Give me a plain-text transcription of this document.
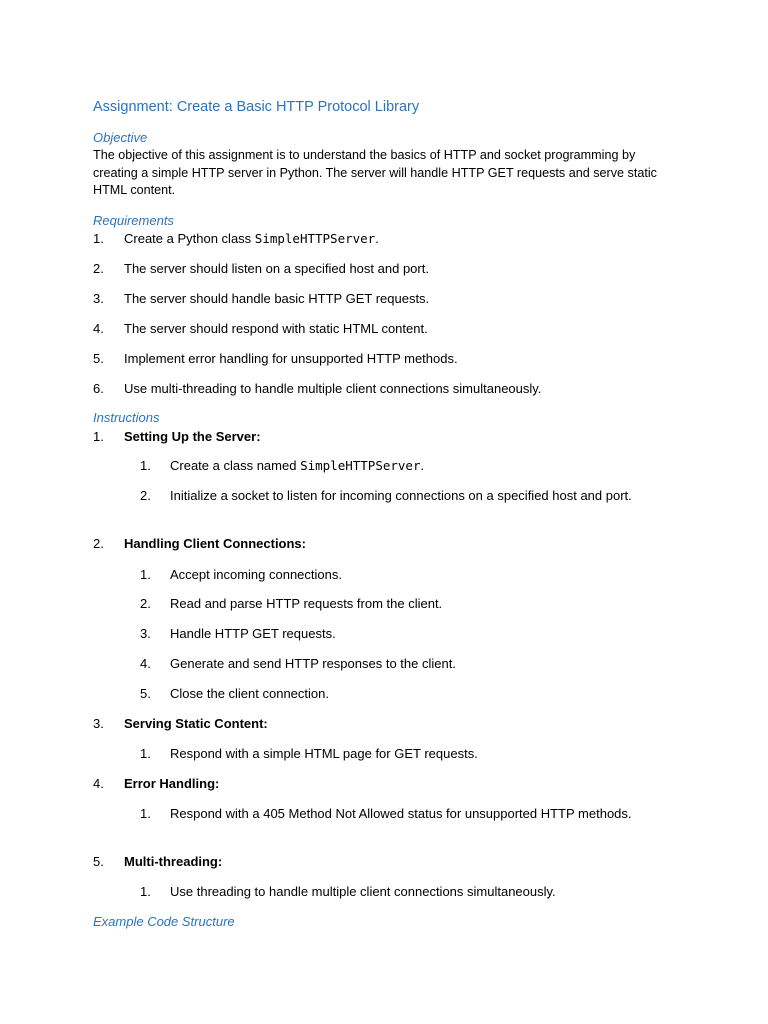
Assignment: Create a Basic HTTP Protocol Library
Objective
The objective of this assignment is to understand the basics of HTTP and socket programming by creating a simple HTTP server in Python. The server will handle HTTP GET requests and serve static HTML content.
Requirements
1. Create a Python class SimpleHTTPServer.
2. The server should listen on a specified host and port.
3. The server should handle basic HTTP GET requests.
4. The server should respond with static HTML content.
5. Implement error handling for unsupported HTTP methods.
6. Use multi-threading to handle multiple client connections simultaneously.
Instructions
1. Setting Up the Server:
1. Create a class named SimpleHTTPServer.
2. Initialize a socket to listen for incoming connections on a specified host and port.
2. Handling Client Connections:
1. Accept incoming connections.
2. Read and parse HTTP requests from the client.
3. Handle HTTP GET requests.
4. Generate and send HTTP responses to the client.
5. Close the client connection.
3. Serving Static Content:
1. Respond with a simple HTML page for GET requests.
4. Error Handling:
1. Respond with a 405 Method Not Allowed status for unsupported HTTP methods.
5. Multi-threading:
1. Use threading to handle multiple client connections simultaneously.
Example Code Structure
